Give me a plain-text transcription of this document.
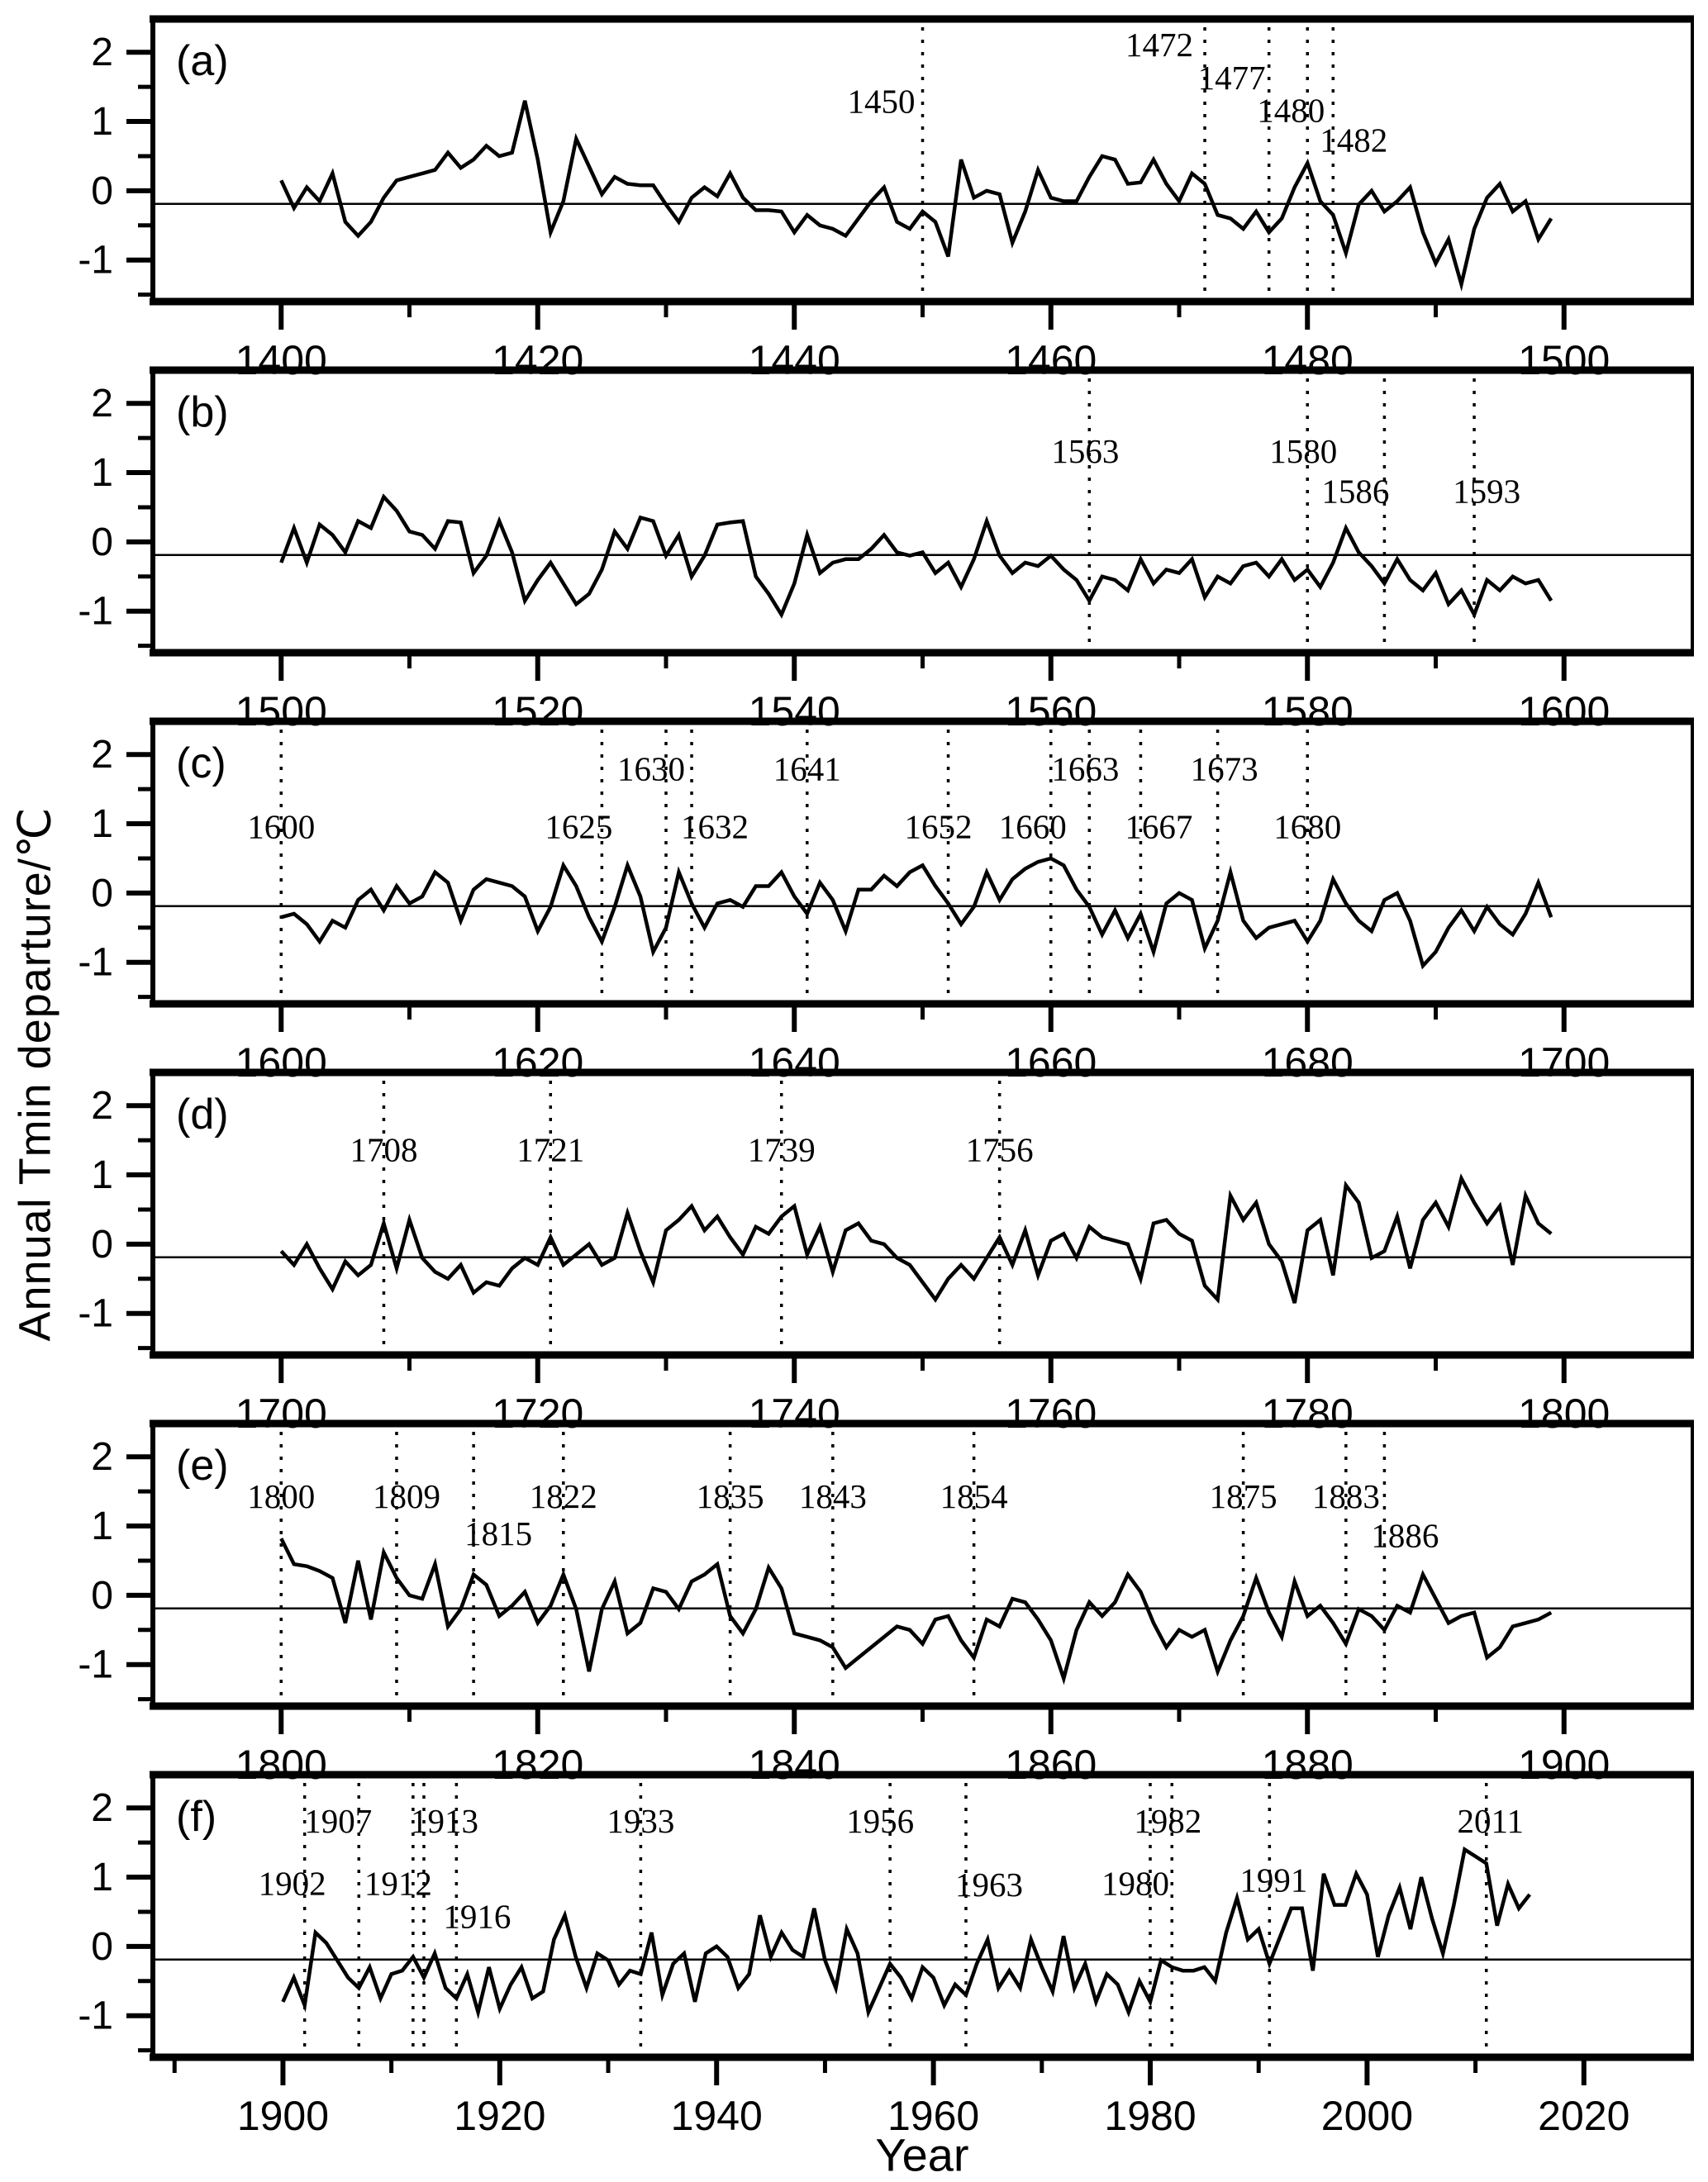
-1
0
1
2
1400	1420	1440	1460	1480	1500
(a)
1450
1472
1477
1480
1482
-1
0
1
2
1500	1520	1540	1560	1580	1600
(b)
1563	1580
1586 1593
-1
0
1
2
1600	1620	1640	1660	1680	1700
(c)
1600	1625
1630
1632
1641
1652 1660
1663
1667
1673
1680
-1
0
1
2
1700	1720	1740	1760	1780	1800
(d)
1708	1721	1739	1756
-1
0
1
2
1800	1820	1840	1860	1880	1900
(e)
1800 1809
1815
1822	1835 1843 1854	1875 1883
1886
-1
0
1
2
1900	1920	1940	1960	1980	2000	2020
(f)
1902
1907
1912
1913
1916
1933	1956
1963 1980
1982
1991
2011
Annual Tmin departure/℃
Year
